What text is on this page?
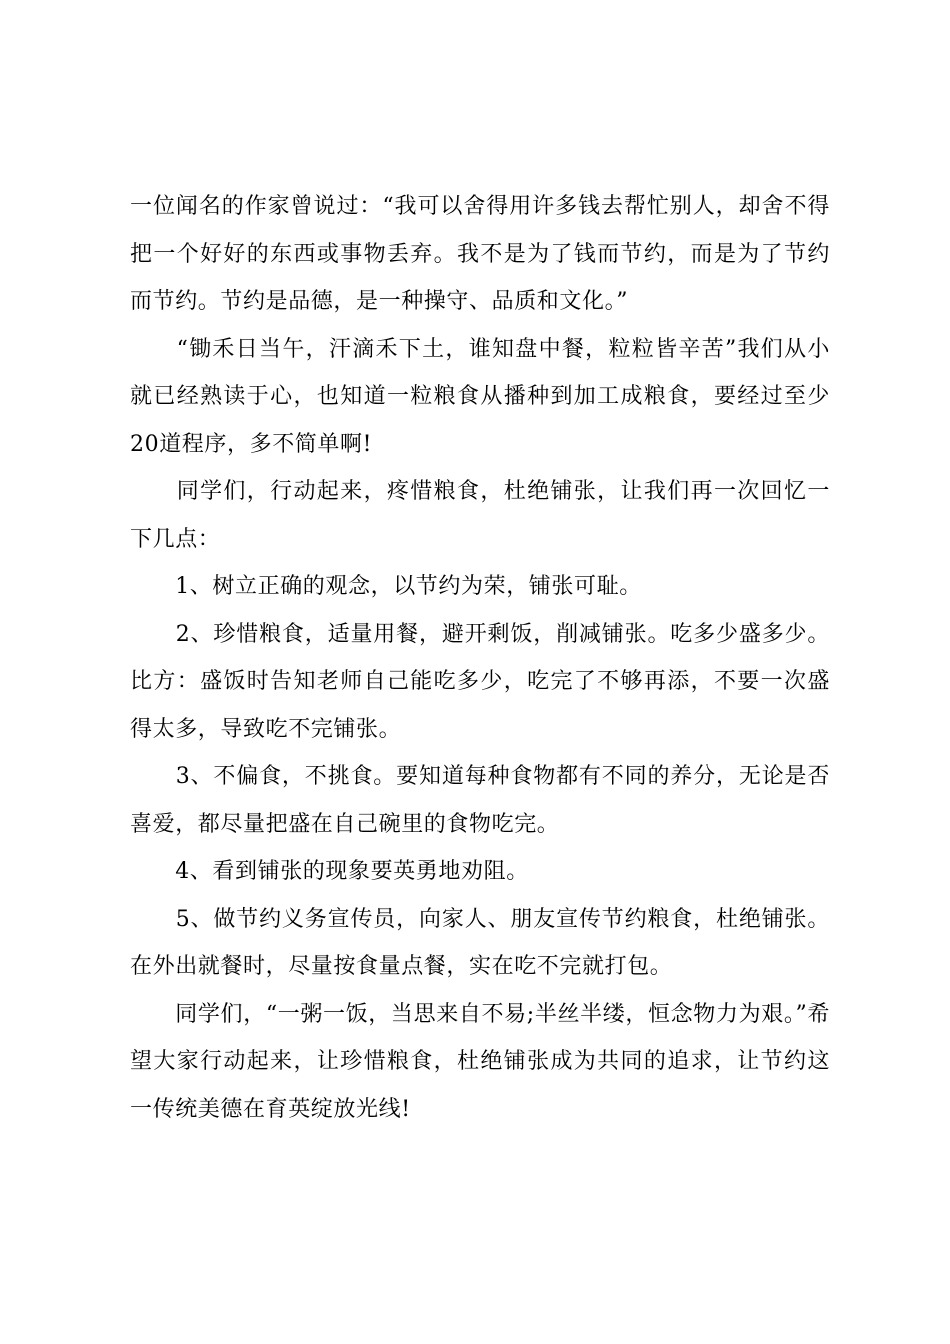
一位闻名的作家曾说过：“我可以舍得用许多钱去帮忙别人，却舍不得把一个好好的东西或事物丢弃。我不是为了钱而节约，而是为了节约而节约。节约是品德，是一种操守、品质和文化。”

　　“锄禾日当午，汗滴禾下土，谁知盘中餐，粒粒皆辛苦”我们从小就已经熟读于心，也知道一粒粮食从播种到加工成粮食，要经过至少20道程序，多不简单啊!

　　同学们，行动起来，疼惜粮食，杜绝铺张，让我们再一次回忆一下几点：

　　1、树立正确的观念，以节约为荣，铺张可耻。

　　2、珍惜粮食，适量用餐，避开剩饭，削减铺张。吃多少盛多少。比方：盛饭时告知老师自己能吃多少，吃完了不够再添，不要一次盛得太多，导致吃不完铺张。

　　3、不偏食，不挑食。要知道每种食物都有不同的养分，无论是否喜爱，都尽量把盛在自己碗里的食物吃完。

　　4、看到铺张的现象要英勇地劝阻。

　　5、做节约义务宣传员，向家人、朋友宣传节约粮食，杜绝铺张。在外出就餐时，尽量按食量点餐，实在吃不完就打包。

　　同学们，“一粥一饭，当思来自不易;半丝半缕，恒念物力为艰。”希望大家行动起来，让珍惜粮食，杜绝铺张成为共同的追求，让节约这一传统美德在育英绽放光线!
